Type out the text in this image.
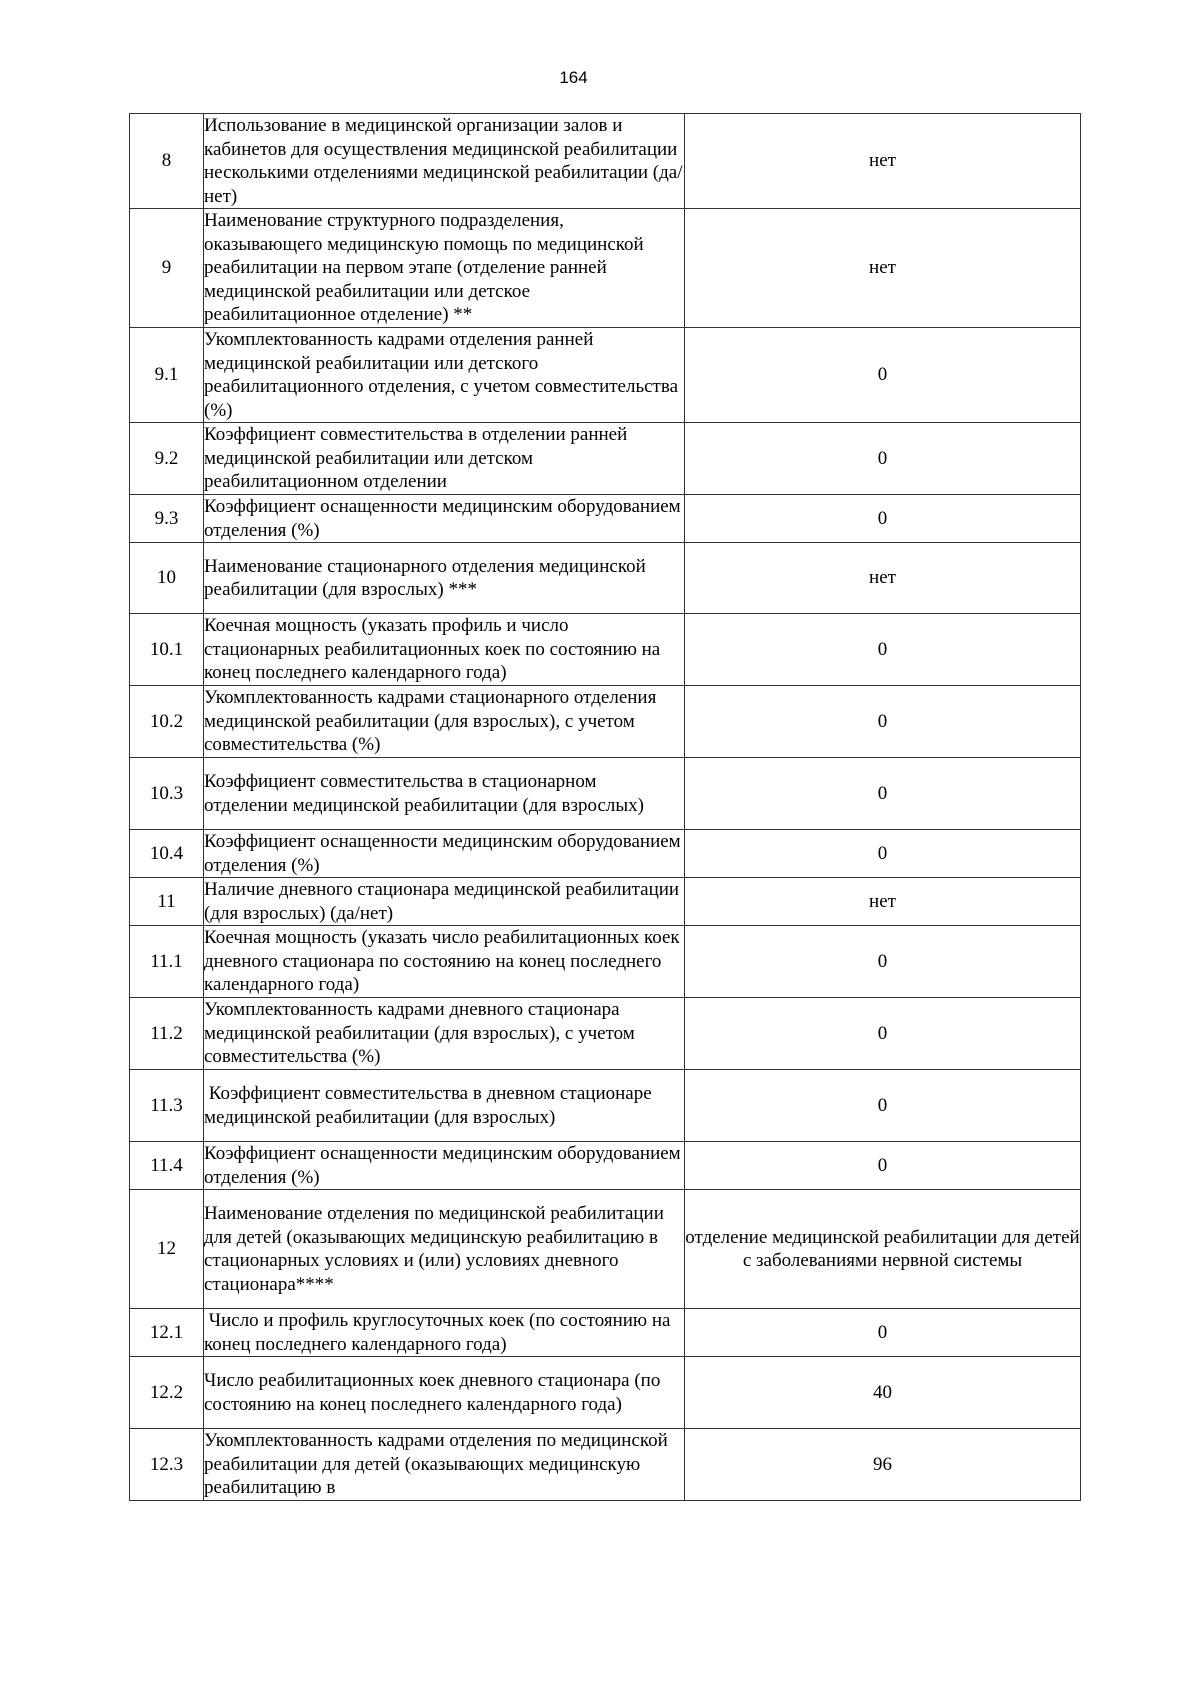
164
8	Использование в медицинской организации залов и кабинетов для осуществления медицинской реабилитации несколькими отделениями медицинской реабилитации (да/нет)	нет
9	Наименование структурного подразделения, оказывающего медицинскую помощь по медицинской реабилитации на первом этапе (отделение ранней медицинской реабилитации или детское реабилитационное отделение) **	нет
9.1	Укомплектованность кадрами отделения ранней медицинской реабилитации или детского реабилитационного отделения, с учетом совместительства (%)	0
9.2	Коэффициент совместительства в отделении ранней медицинской реабилитации или детском реабилитационном отделении	0
9.3	Коэффициент оснащенности медицинским оборудованием отделения (%)	0
10	Наименование стационарного отделения медицинской реабилитации (для взрослых) ***	нет
10.1	Коечная мощность (указать профиль и число стационарных реабилитационных коек по состоянию на конец последнего календарного года)	0
10.2	Укомплектованность кадрами стационарного отделения медицинской реабилитации (для взрослых), с учетом совместительства (%)	0
10.3	Коэффициент совместительства в стационарном отделении медицинской реабилитации (для взрослых)	0
10.4	Коэффициент оснащенности медицинским оборудованием отделения (%)	0
11	Наличие дневного стационара медицинской реабилитации (для взрослых) (да/нет)	нет
11.1	Коечная мощность (указать число реабилитационных коек дневного стационара по состоянию на конец последнего календарного года)	0
11.2	Укомплектованность кадрами дневного стационара медицинской реабилитации (для взрослых), с учетом совместительства (%)	0
11.3	Коэффициент совместительства в дневном стационаре медицинской реабилитации (для взрослых)	0
11.4	Коэффициент оснащенности медицинским оборудованием отделения (%)	0
12	Наименование отделения по медицинской реабилитации для детей (оказывающих медицинскую реабилитацию в стационарных условиях и (или) условиях дневного стационара****	отделение медицинской реабилитации для детей с заболеваниями нервной системы
12.1	Число и профиль круглосуточных коек (по состоянию на конец последнего календарного года)	0
12.2	Число реабилитационных коек дневного стационара (по состоянию на конец последнего календарного года)	40
12.3	Укомплектованность кадрами отделения по медицинской реабилитации для детей (оказывающих медицинскую реабилитацию в	96
